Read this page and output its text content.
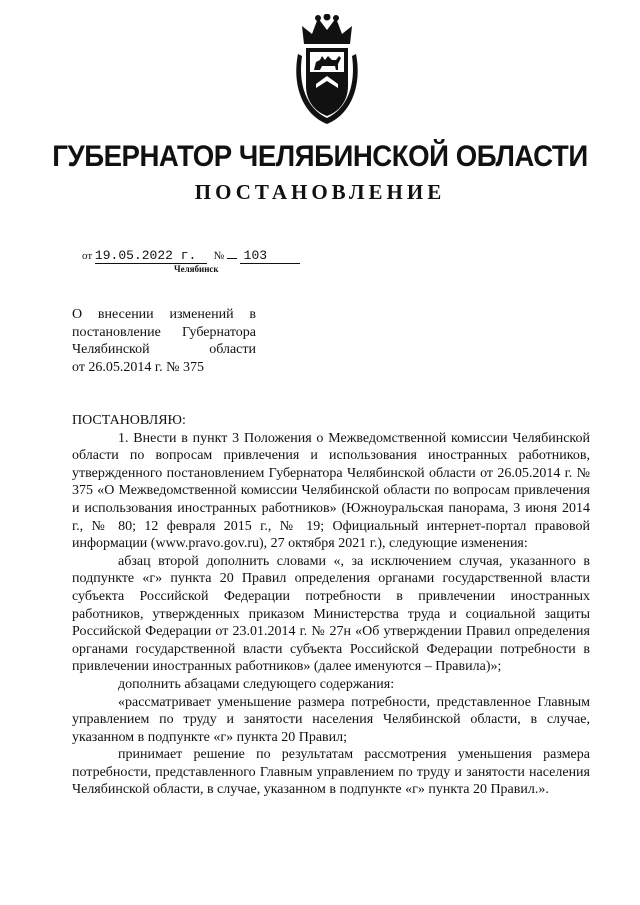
ГУБЕРНАТОР ЧЕЛЯБИНСКОЙ ОБЛАСТИ
ПОСТАНОВЛЕНИЕ
от 19.05.2022 г. № 103
Челябинск
О внесении изменений в
постановление Губернатора
Челябинской области
от 26.05.2014 г. № 375

ПОСТАНОВЛЯЮ:

1. Внести в пункт 3 Положения о Межведомственной комиссии Челябинской области по вопросам привлечения и использования иностранных работников, утвержденного постановлением Губернатора Челябинской области от 26.05.2014 г. № 375 «О Межведомственной комиссии Челябинской области по вопросам привлечения и использования иностранных работников» (Южноуральская панорама, 3 июня 2014 г., № 80; 12 февраля 2015 г., № 19; Официальный интернет-портал правовой информации (www.pravo.gov.ru), 27 октября 2021 г.), следующие изменения:

абзац второй дополнить словами «, за исключением случая, указанного в подпункте «г» пункта 20 Правил определения органами государственной власти субъекта Российской Федерации потребности в привлечении иностранных работников, утвержденных приказом Министерства труда и социальной защиты Российской Федерации от 23.01.2014 г. № 27н «Об утверждении Правил определения органами государственной власти субъекта Российской Федерации потребности в привлечении иностранных работников» (далее именуются – Правила)»;

дополнить абзацами следующего содержания:

«рассматривает уменьшение размера потребности, представленное Главным управлением по труду и занятости населения Челябинской области, в случае, указанном в подпункте «г» пункта 20 Правил;

принимает решение по результатам рассмотрения уменьшения размера потребности, представленного Главным управлением по труду и занятости населения Челябинской области, в случае, указанном в подпункте «г» пункта 20 Правил.».
